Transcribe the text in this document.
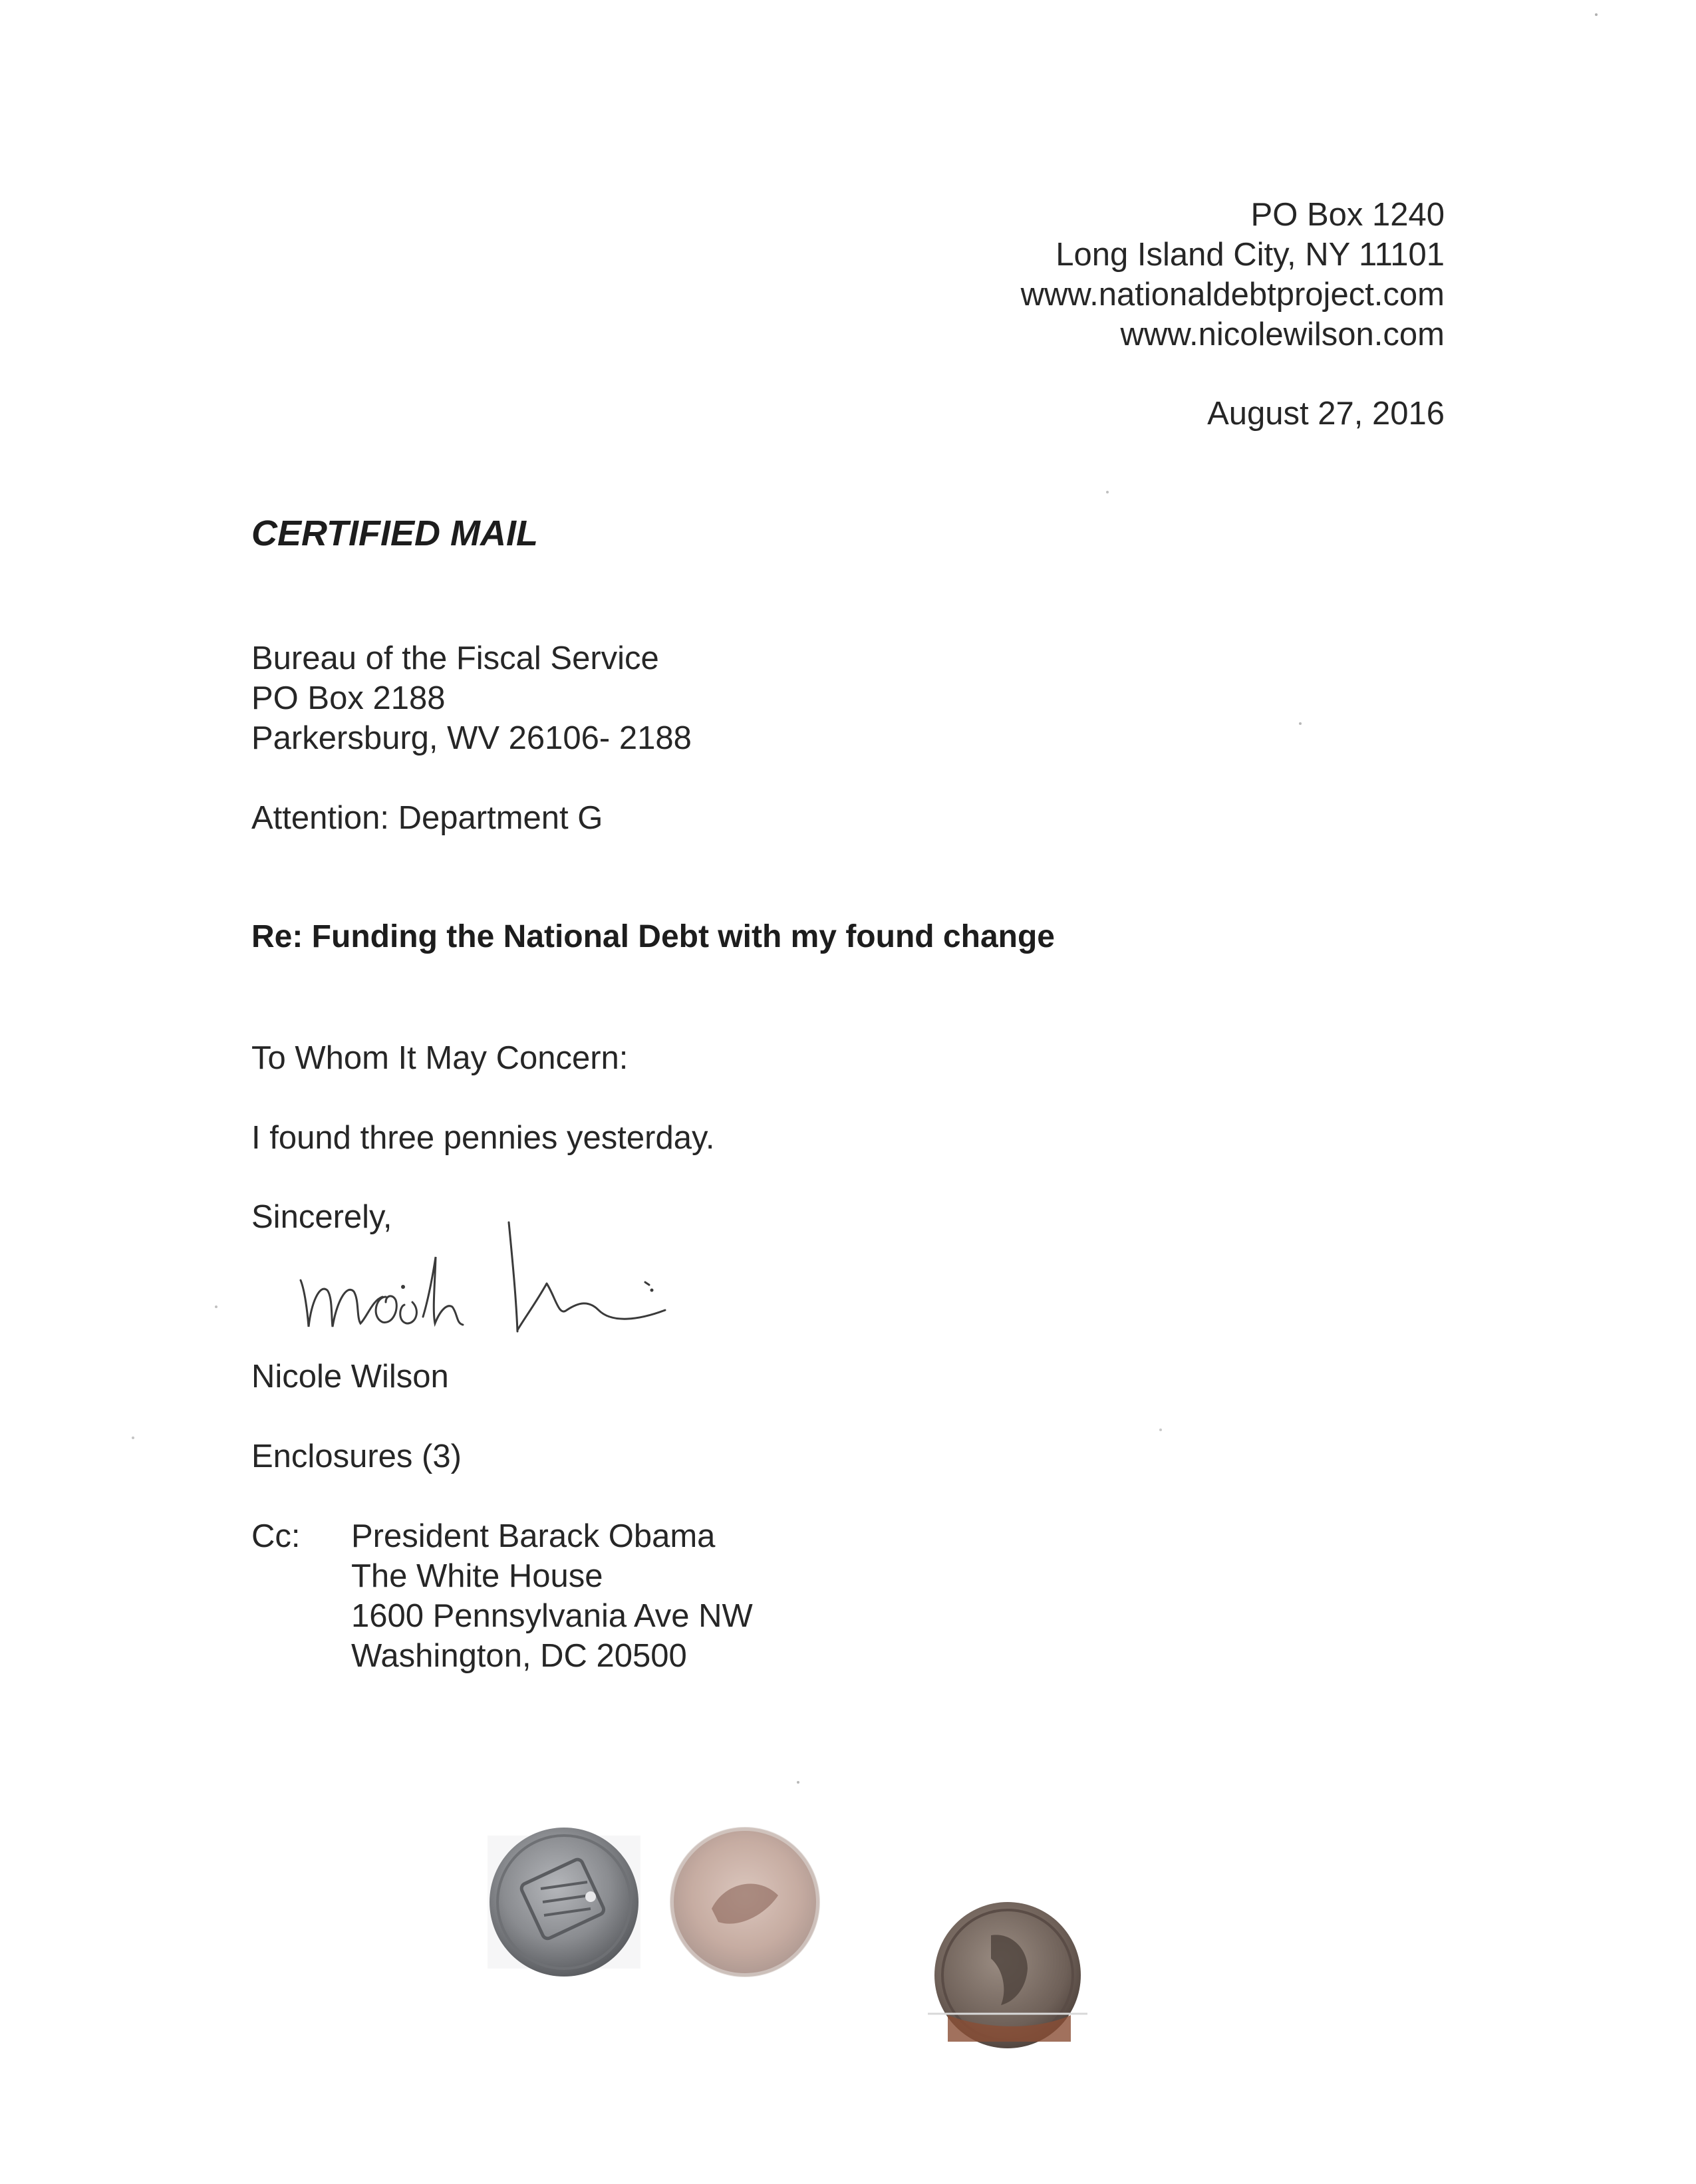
PO Box 1240
Long Island City, NY 11101
www.nationaldebtproject.com
www.nicolewilson.com
August 27, 2016
CERTIFIED MAIL
Bureau of the Fiscal Service
PO Box 2188
Parkersburg, WV 26106- 2188
Attention: Department G
Re: Funding the National Debt with my found change
To Whom It May Concern:
I found three pennies yesterday.
Sincerely,
Nicole Wilson
Enclosures (3)
Cc: President Barack Obama
The White House
1600 Pennsylvania Ave NW
Washington, DC 20500
